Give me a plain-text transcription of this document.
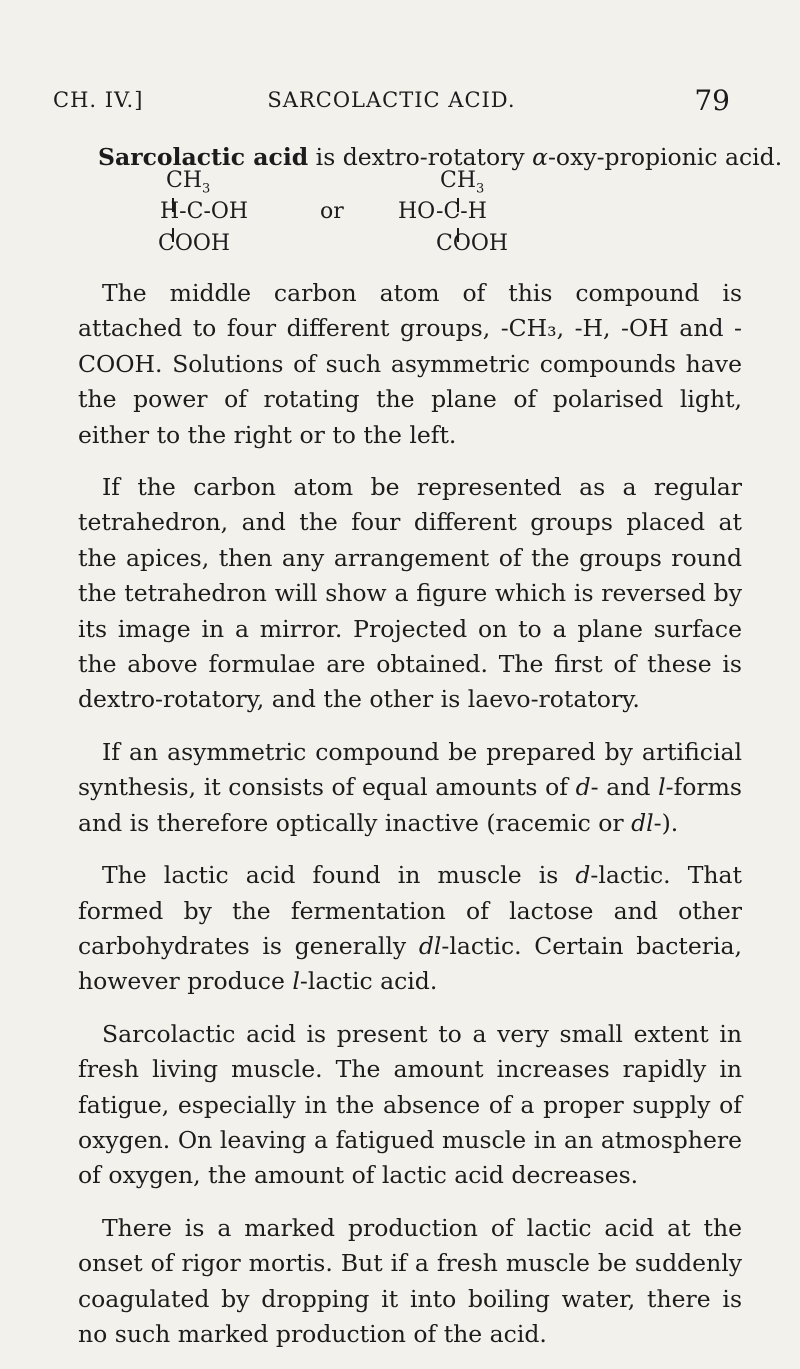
CH. IV.]	SARCOLACTIC ACID.	79
Sarcolactic acid is dextro-rotatory α-oxy-propionic acid.
$CH_3$
H-C-OH
COOH
or
$CH_3$
HO-C-H
COOH

The middle carbon atom of this compound is attached to four different groups, -CH₃, -H, -OH and -COOH. Solutions of such asymmetric compounds have the power of rotating the plane of polarised light, either to the right or to the left.

If the carbon atom be represented as a regular tetrahedron, and the four different groups placed at the apices, then any arrangement of the groups round the tetrahedron will show a figure which is reversed by its image in a mirror. Projected on to a plane surface the above formulae are obtained. The first of these is dextro-rotatory, and the other is laevo-rotatory.

If an asymmetric compound be prepared by artificial synthesis, it consists of equal amounts of d- and l-forms and is therefore optically inactive (racemic or dl-).

The lactic acid found in muscle is d-lactic. That formed by the fermentation of lactose and other carbohydrates is generally dl-lactic. Certain bacteria, however produce l-lactic acid.

Sarcolactic acid is present to a very small extent in fresh living muscle. The amount increases rapidly in fatigue, especially in the absence of a proper supply of oxygen. On leaving a fatigued muscle in an atmosphere of oxygen, the amount of lactic acid decreases.

There is a marked production of lactic acid at the onset of rigor mortis. But if a fresh muscle be suddenly coagulated by dropping it into boiling water, there is no such marked production of the acid.
